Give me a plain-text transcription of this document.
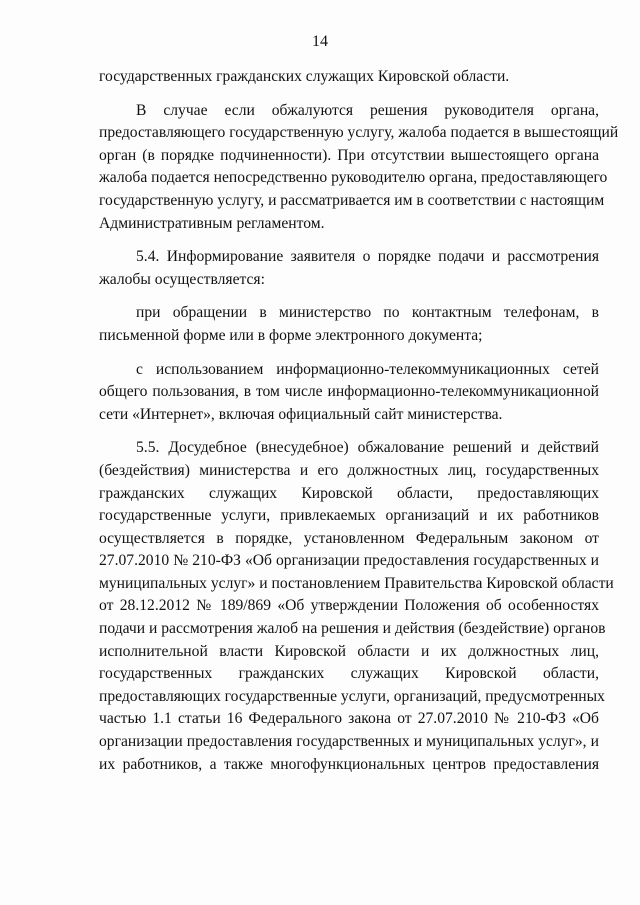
14
государственных гражданских служащих Кировской области.
В случае если обжалуются решения руководителя органа,
предоставляющего государственную услугу, жалоба подается в вышестоящий
орган (в порядке подчиненности). При отсутствии вышестоящего органа
жалоба подается непосредственно руководителю органа, предоставляющего
государственную услугу, и рассматривается им в соответствии с настоящим
Административным регламентом.
5.4. Информирование заявителя о порядке подачи и рассмотрения
жалобы осуществляется:
при обращении в министерство по контактным телефонам, в
письменной форме или в форме электронного документа;
с использованием информационно-телекоммуникационных сетей
общего пользования, в том числе информационно-телекоммуникационной
сети «Интернет», включая официальный сайт министерства.
5.5. Досудебное (внесудебное) обжалование решений и действий
(бездействия) министерства и его должностных лиц, государственных
гражданских служащих Кировской области, предоставляющих
государственные услуги, привлекаемых организаций и их работников
осуществляется в порядке, установленном Федеральным законом от
27.07.2010 № 210-ФЗ «Об организации предоставления государственных и
муниципальных услуг» и постановлением Правительства Кировской области
от 28.12.2012 № 189/869 «Об утверждении Положения об особенностях
подачи и рассмотрения жалоб на решения и действия (бездействие) органов
исполнительной власти Кировской области и их должностных лиц,
государственных гражданских служащих Кировской области,
предоставляющих государственные услуги, организаций, предусмотренных
частью 1.1 статьи 16 Федерального закона от 27.07.2010 № 210-ФЗ «Об
организации предоставления государственных и муниципальных услуг», и
их работников, а также многофункциональных центров предоставления
